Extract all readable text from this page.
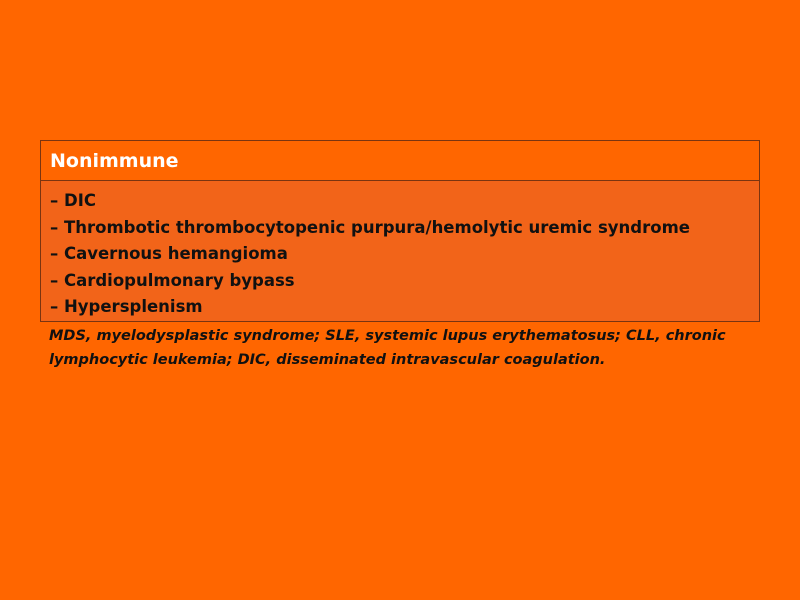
Nonimmune
– DIC
– Thrombotic thrombocytopenic purpura/hemolytic uremic syndrome
– Cavernous hemangioma
– Cardiopulmonary bypass
– Hypersplenism
MDS, myelodysplastic syndrome; SLE, systemic lupus erythematosus; CLL, chronic
lymphocytic leukemia; DIC, disseminated intravascular coagulation.
